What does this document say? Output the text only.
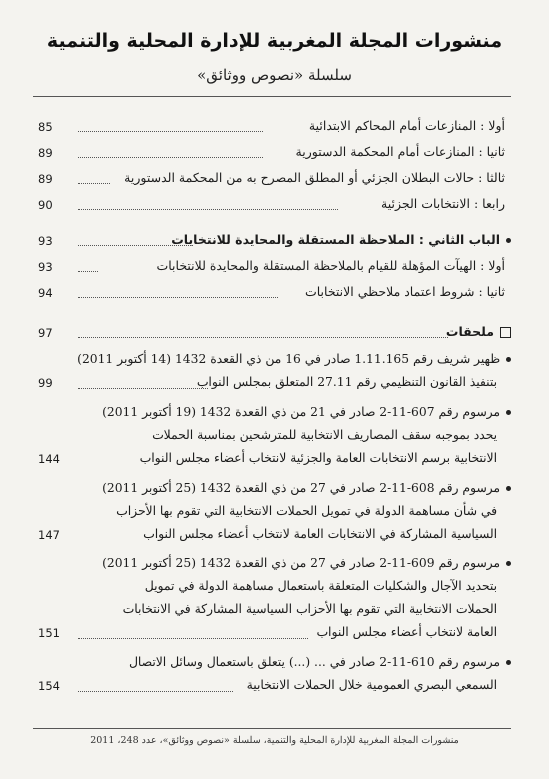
منشورات المجلة المغربية للإدارة المحلية والتنمية
سلسلة «نصوص ووثائق»
أولا : المنازعات أمام المحاكم الابتدائية
85
ثانيا : المنازعات أمام المحكمة الدستورية
89
ثالثا : حالات البطلان الجزئي أو المطلق المصرح به من المحكمة الدستورية
89
رابعا : الانتخابات الجزئية
90
الباب الثاني : الملاحظة المستقلة والمحايدة للانتخابات
93
أولا : الهيآت المؤهلة للقيام بالملاحظة المستقلة والمحايدة للانتخابات
93
ثانيا : شروط اعتماد ملاحظي الانتخابات
94
ملحقات
97
ظهير شريف رقم 1.11.165 صادر في 16 من ذي القعدة 1432 (14 أكتوبر 2011)
بتنفيذ القانون التنظيمي رقم 27.11 المتعلق بمجلس النواب
99
مرسوم رقم 607-11-2 صادر في 21 من ذي القعدة 1432 (19 أكتوبر 2011)
يحدد بموجبه سقف المصاريف الانتخابية للمترشحين بمناسبة الحملات
الانتخابية برسم الانتخابات العامة والجزئية لانتخاب أعضاء مجلس النواب
144
مرسوم رقم 608-11-2 صادر في 27 من ذي القعدة 1432 (25 أكتوبر 2011)
في شأن مساهمة الدولة في تمويل الحملات الانتخابية التي تقوم بها الأحزاب
السياسية المشاركة في الانتخابات العامة لانتخاب أعضاء مجلس النواب
147
مرسوم رقم 609-11-2 صادر في 27 من ذي القعدة 1432 (25 أكتوبر 2011)
بتحديد الآجال والشكليات المتعلقة باستعمال مساهمة الدولة في تمويل
الحملات الانتخابية التي تقوم بها الأحزاب السياسية المشاركة في الانتخابات
العامة لانتخاب أعضاء مجلس النواب
151
مرسوم رقم 610-11-2 صادر في ... (...) يتعلق باستعمال وسائل الاتصال
السمعي البصري العمومية خلال الحملات الانتخابية
154
منشورات المجلة المغربية للإدارة المحلية والتنمية، سلسلة «نصوص ووثائق»، عدد 248، 2011
